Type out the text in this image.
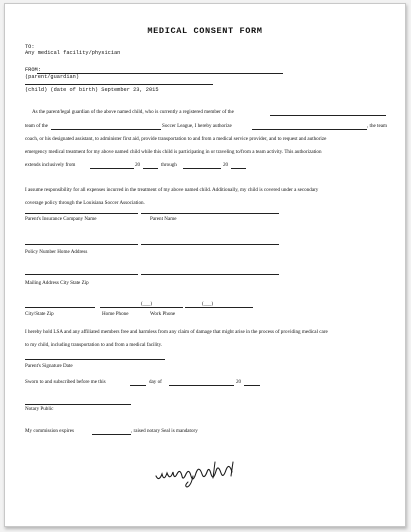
MEDICAL CONSENT FORM
TO:
Any medical facility/physician
FROM:
(parent/guardian)
(child) (date of birth) September 23, 2015
As the parent/legal guardian of the above named child, who is currently a registered member of the
team of the	Soccer League, I hereby authorize	, the team
coach, or his designated assistant, to administer first aid, provide transportation to and from a medical service provider, and to request and authorize
emergency medical treatment for my above named child while this child is participating in or traveling to/from a team activity. This authorization
extends inclusively from	20	through	20
I assume responsibility for all expenses incurred in the treatment of my above named child. Additionally, my child is covered under a secondary
coverage policy through the Louisiana Soccer Association.
Parent's Insurance Company Name	Parent Name
Policy Number Home Address
Mailing Address City State Zip
(___)	(___)
City/State Zip	Home Phone	Work Phone
I hereby hold LSA and any affiliated members free and harmless from any claim of damage that might arise in the process of providing medical care
to my child, including transportation to and from a medical facility.
Parent's Signature Date
Sworn to and subscribed before me this	day of	20
Notary Public
My commission expires	, raised notary Seal is mandatory
